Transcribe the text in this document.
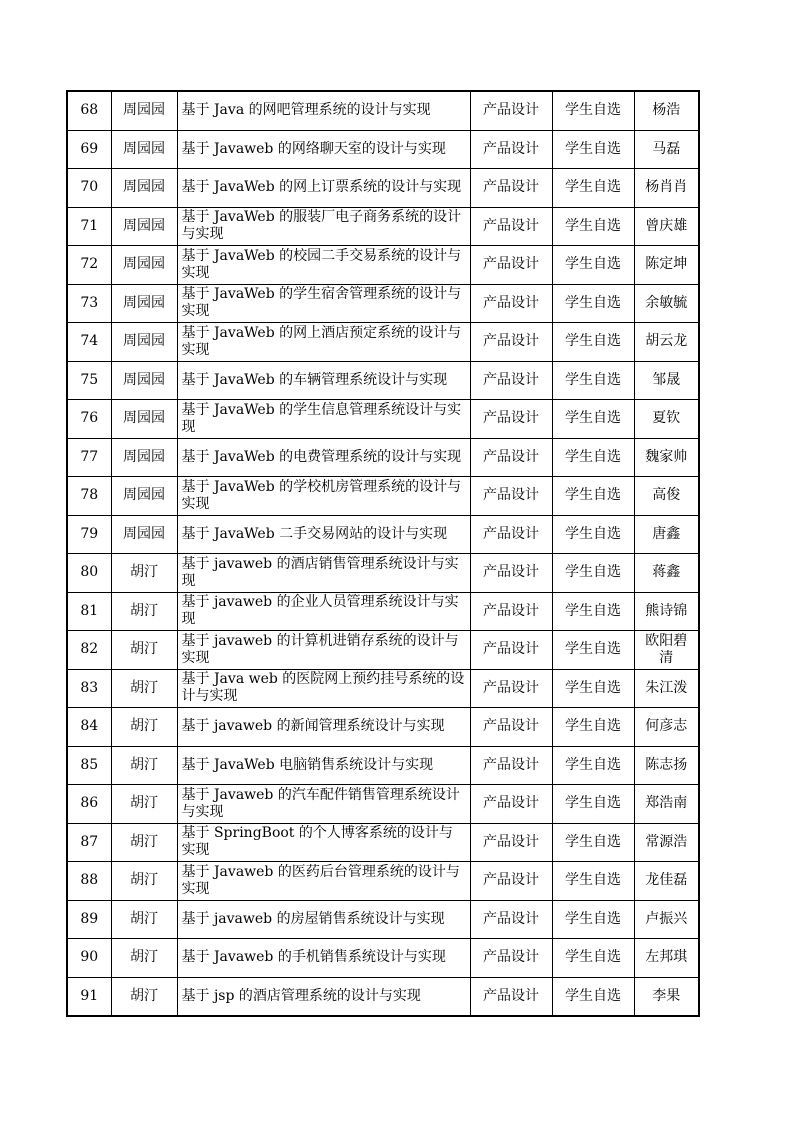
68	周园园	基于 Java 的网吧管理系统的设计与实现	产品设计	学生自选	杨浩
69	周园园	基于 Javaweb 的网络聊天室的设计与实现	产品设计	学生自选	马磊
70	周园园	基于 JavaWeb 的网上订票系统的设计与实现	产品设计	学生自选	杨肖肖
71	周园园	基于 JavaWeb 的服装厂电子商务系统的设计与实现	产品设计	学生自选	曾庆雄
72	周园园	基于 JavaWeb 的校园二手交易系统的设计与实现	产品设计	学生自选	陈定坤
73	周园园	基于 JavaWeb 的学生宿舍管理系统的设计与实现	产品设计	学生自选	余敏毓
74	周园园	基于 JavaWeb 的网上酒店预定系统的设计与实现	产品设计	学生自选	胡云龙
75	周园园	基于 JavaWeb 的车辆管理系统设计与实现	产品设计	学生自选	邹晟
76	周园园	基于 JavaWeb 的学生信息管理系统设计与实现	产品设计	学生自选	夏钦
77	周园园	基于 JavaWeb 的电费管理系统的设计与实现	产品设计	学生自选	魏家帅
78	周园园	基于 JavaWeb 的学校机房管理系统的设计与实现	产品设计	学生自选	高俊
79	周园园	基于 JavaWeb 二手交易网站的设计与实现	产品设计	学生自选	唐鑫
80	胡汀	基于 javaweb 的酒店销售管理系统设计与实现	产品设计	学生自选	蒋鑫
81	胡汀	基于 javaweb 的企业人员管理系统设计与实现	产品设计	学生自选	熊诗锦
82	胡汀	基于 javaweb 的计算机进销存系统的设计与实现	产品设计	学生自选	欧阳碧清
83	胡汀	基于 Java web 的医院网上预约挂号系统的设计与实现	产品设计	学生自选	朱江泼
84	胡汀	基于 javaweb 的新闻管理系统设计与实现	产品设计	学生自选	何彦志
85	胡汀	基于 JavaWeb 电脑销售系统设计与实现	产品设计	学生自选	陈志扬
86	胡汀	基于 Javaweb 的汽车配件销售管理系统设计与实现	产品设计	学生自选	郑浩南
87	胡汀	基于 SpringBoot 的个人博客系统的设计与实现	产品设计	学生自选	常源浩
88	胡汀	基于 Javaweb 的医药后台管理系统的设计与实现	产品设计	学生自选	龙佳磊
89	胡汀	基于 javaweb 的房屋销售系统设计与实现	产品设计	学生自选	卢振兴
90	胡汀	基于 Javaweb 的手机销售系统设计与实现	产品设计	学生自选	左邦琪
91	胡汀	基于 jsp 的酒店管理系统的设计与实现	产品设计	学生自选	李果
